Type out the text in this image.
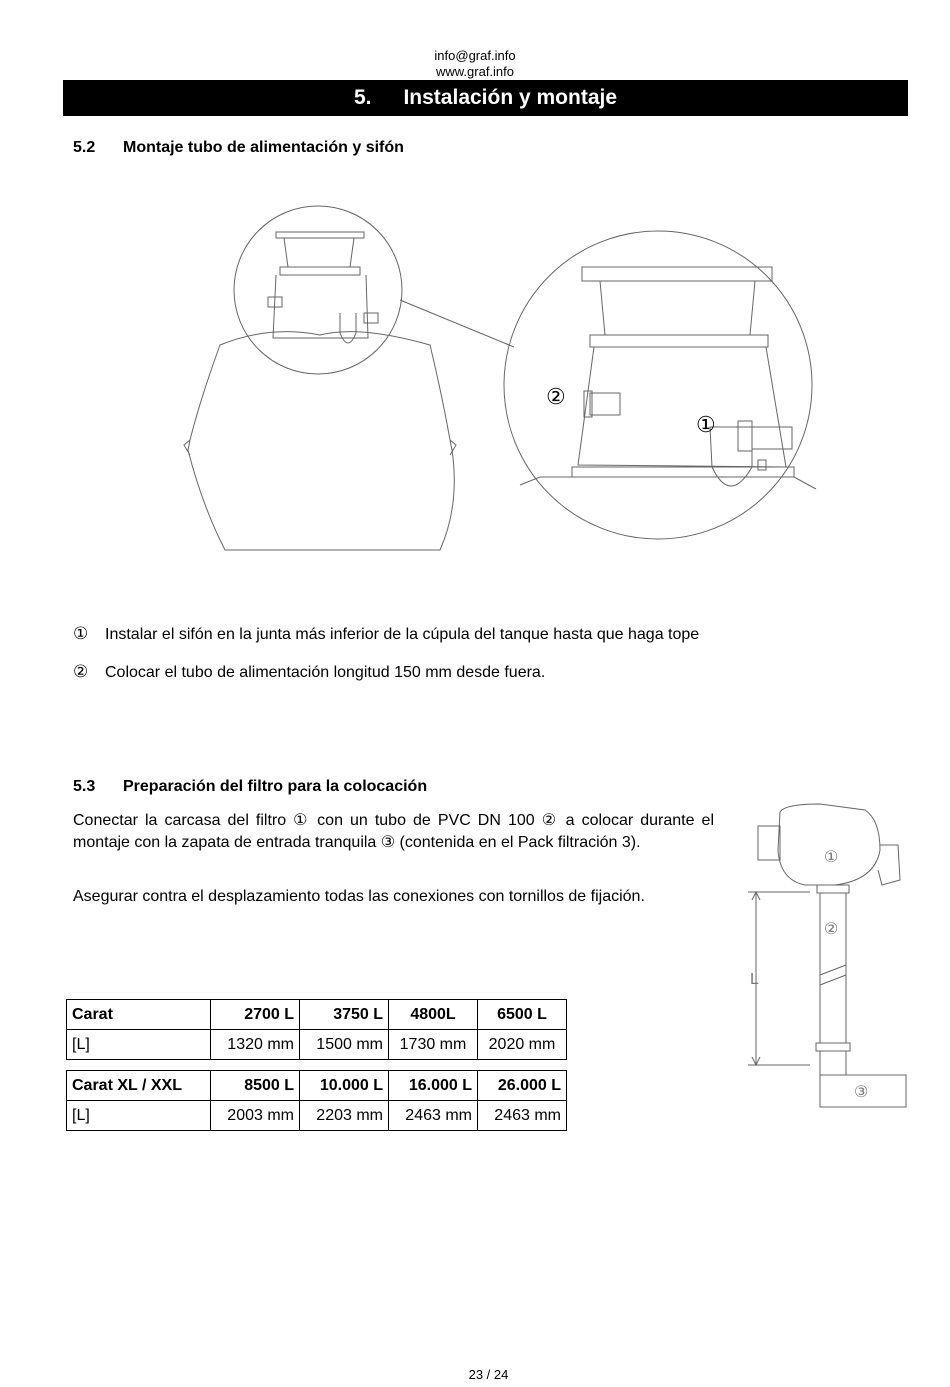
info@graf.info
www.graf.info
5. Instalación y montaje
5.2 Montaje tubo de alimentación y sifón
②
①
① Instalar el sifón en la junta más inferior de la cúpula del tanque hasta que haga tope
② Colocar el tubo de alimentación longitud 150 mm desde fuera.
5.3 Preparación del filtro para la colocación
Conectar la carcasa del filtro ① con un tubo de PVC DN 100 ② a colocar durante el montaje con la zapata de entrada tranquila ③ (contenida en el Pack filtración 3).
Asegurar contra el desplazamiento todas las conexiones con tornillos de fijación.
①
②
③
L
Carat	2700 L	3750 L	4800L	6500 L
[L]	1320 mm	1500 mm	1730 mm	2020 mm
Carat XL / XXL	8500 L	10.000 L	16.000 L	26.000 L
[L]	2003 mm	2203 mm	2463 mm	2463 mm
23 / 24
